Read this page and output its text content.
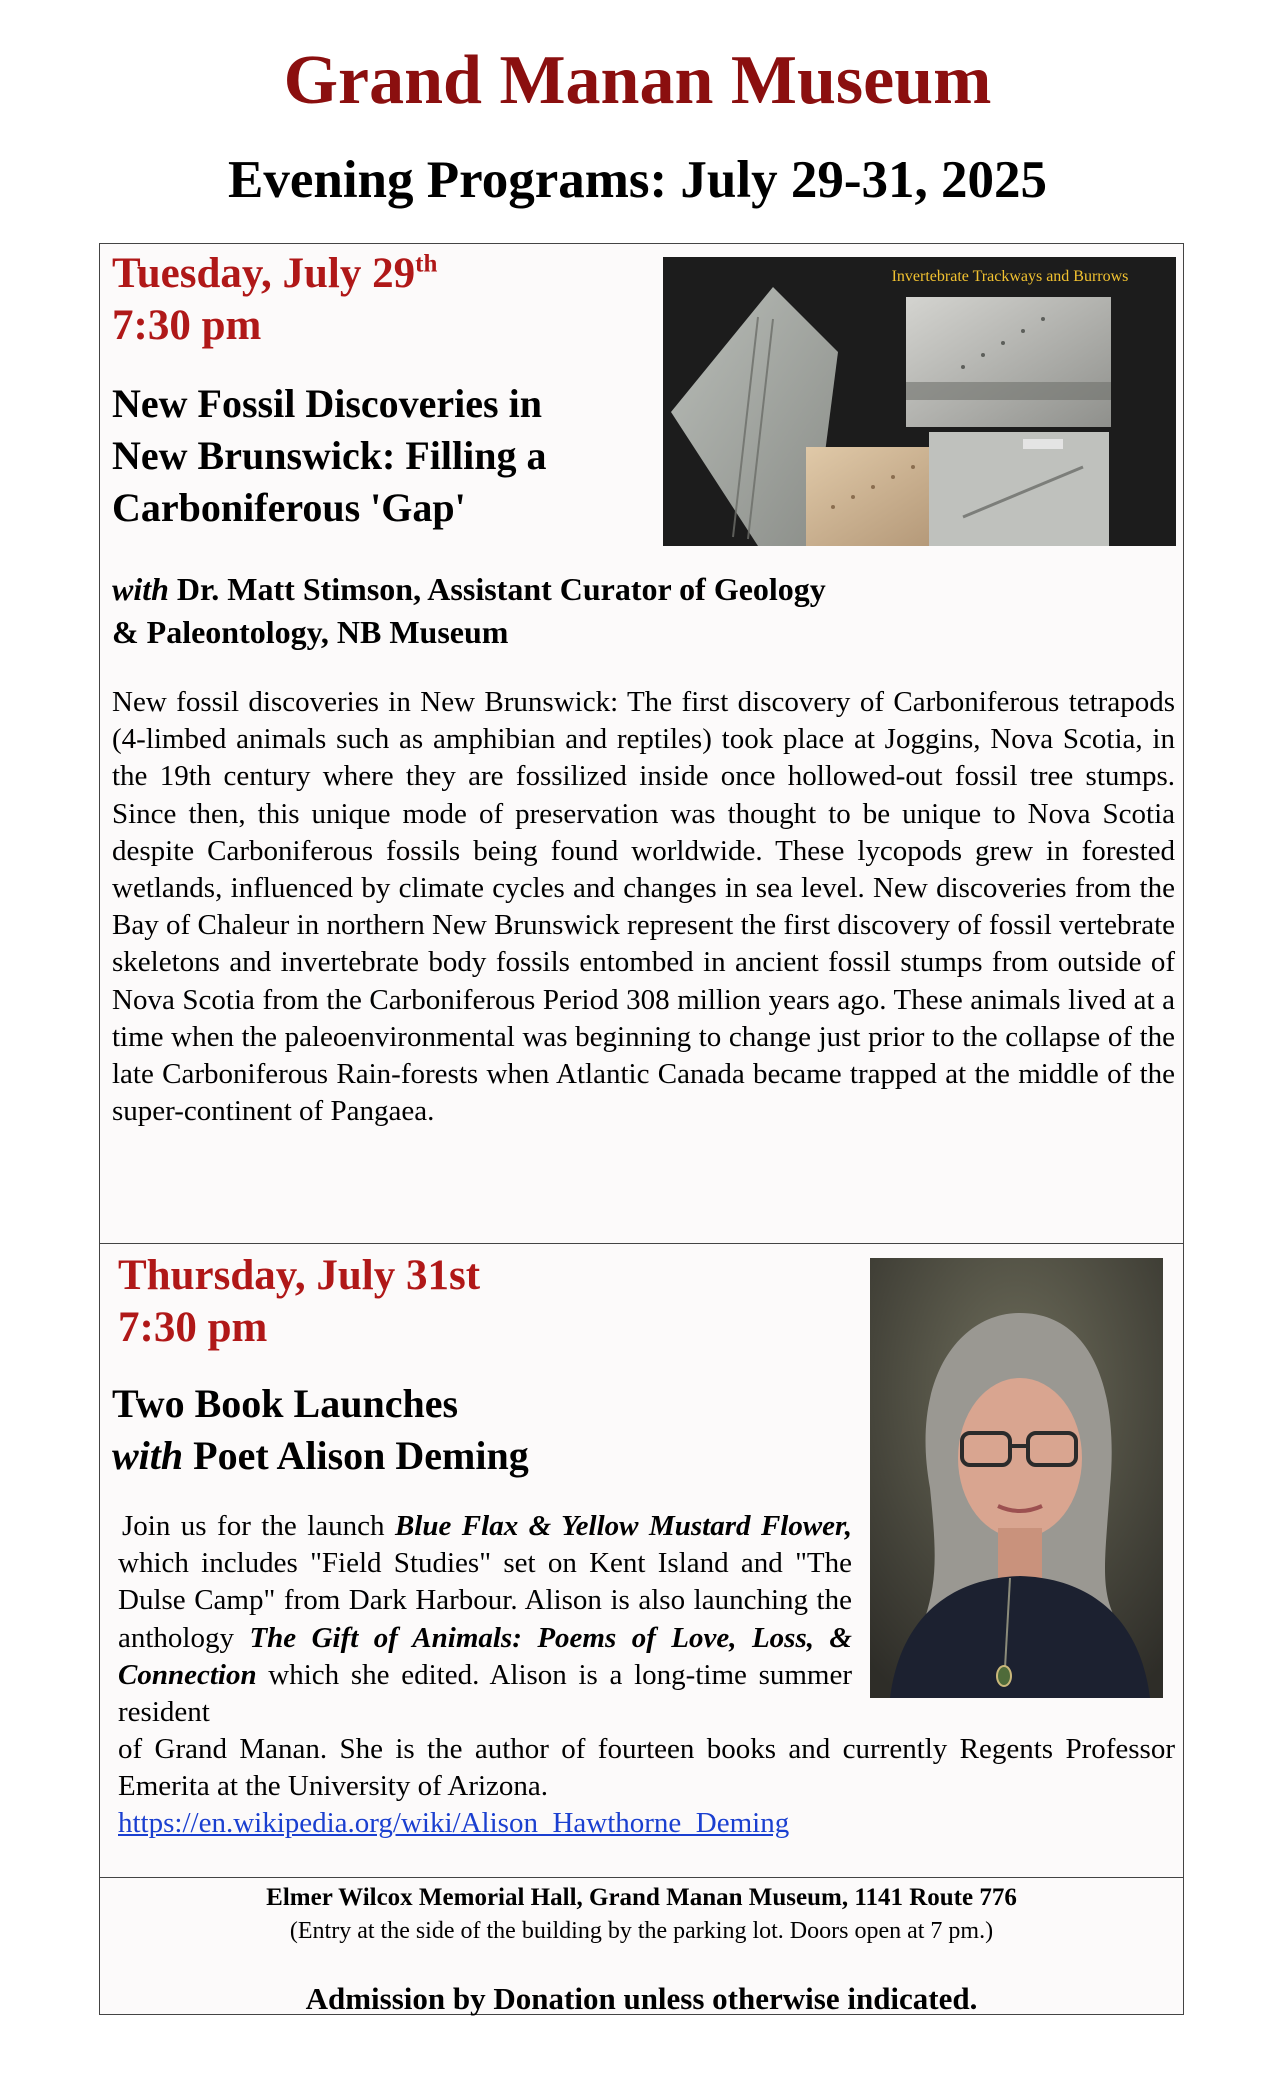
Grand Manan Museum
Evening Programs: July 29-31, 2025
Tuesday, July 29th
7:30 pm
New Fossil Discoveries in
New Brunswick: Filling a
Carboniferous 'Gap'
Invertebrate Trackways and Burrows
with Dr. Matt Stimson, Assistant Curator of Geology
& Paleontology, NB Museum
New fossil discoveries in New Brunswick: The first discovery of Carboniferous tetrapods (4-limbed animals such as amphibian and reptiles) took place at Joggins, Nova Scotia, in the 19th century where they are fossilized inside once hollowed-out fossil tree stumps. Since then, this unique mode of preservation was thought to be unique to Nova Scotia despite Carboniferous fossils being found worldwide. These lycopods grew in forested wetlands, influenced by climate cycles and changes in sea level. New discoveries from the Bay of Chaleur in northern New Brunswick represent the first discovery of fossil vertebrate skeletons and invertebrate body fossils entombed in ancient fossil stumps from outside of Nova Scotia from the Carboniferous Period 308 million years ago. These animals lived at a time when the paleoenvironmental was beginning to change just prior to the collapse of the late Carboniferous Rain-forests when Atlantic Canada became trapped at the middle of the super-continent of Pangaea.
Thursday, July 31st
7:30 pm
Two Book Launches
with Poet Alison Deming
Join us for the launch Blue Flax & Yellow Mustard Flower, which includes "Field Studies" set on Kent Island and "The Dulse Camp" from Dark Harbour. Alison is also launching the anthology The Gift of Animals: Poems of Love, Loss, & Connection which she edited. Alison is a long-time summer resident
of Grand Manan. She is the author of fourteen books and currently Regents Professor Emerita at the University of Arizona.
https://en.wikipedia.org/wiki/Alison_Hawthorne_Deming
Elmer Wilcox Memorial Hall, Grand Manan Museum, 1141 Route 776
(Entry at the side of the building by the parking lot. Doors open at 7 pm.)
Admission by Donation unless otherwise indicated.
